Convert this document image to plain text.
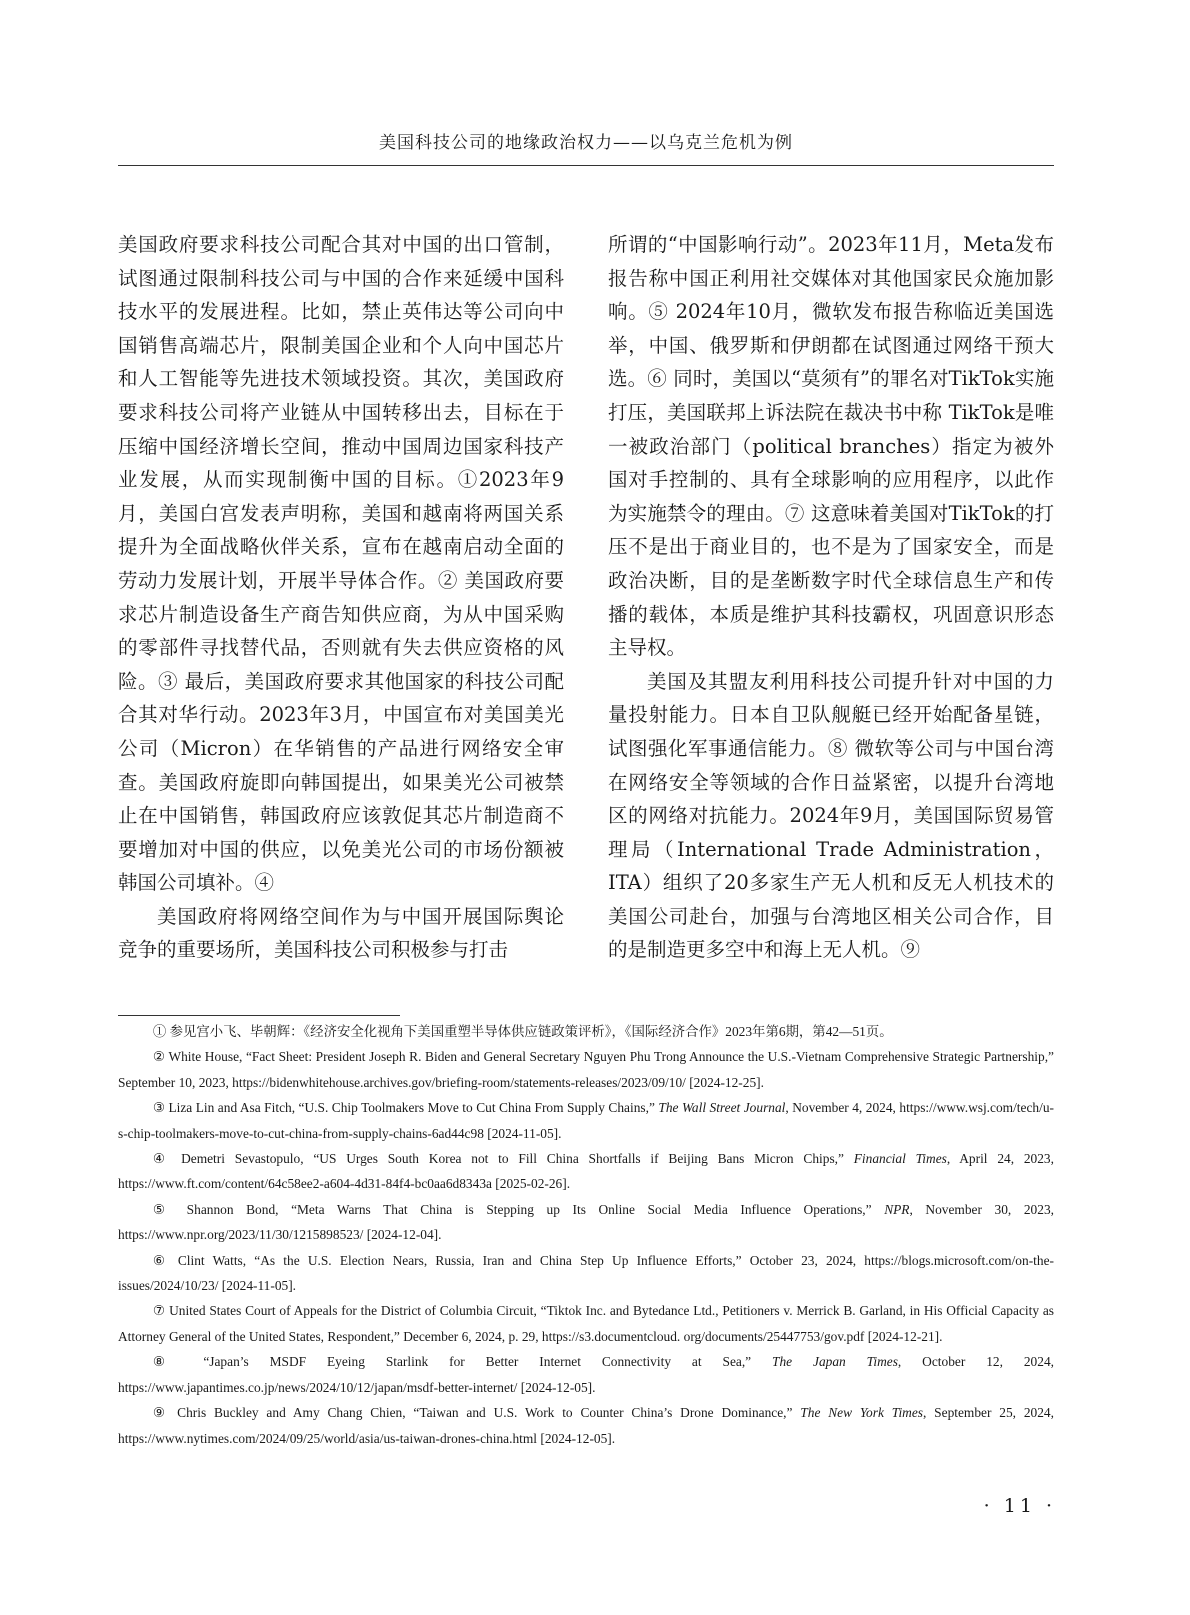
美国科技公司的地缘政治权力——以乌克兰危机为例

美国政府要求科技公司配合其对中国的出口管制，试图通过限制科技公司与中国的合作来延缓中国科技水平的发展进程。比如，禁止英伟达等公司向中国销售高端芯片，限制美国企业和个人向中国芯片和人工智能等先进技术领域投资。其次，美国政府要求科技公司将产业链从中国转移出去，目标在于压缩中国经济增长空间，推动中国周边国家科技产业发展，从而实现制衡中国的目标。①2023年9月，美国白宫发表声明称，美国和越南将两国关系提升为全面战略伙伴关系，宣布在越南启动全面的劳动力发展计划，开展半导体合作。② 美国政府要求芯片制造设备生产商告知供应商，为从中国采购的零部件寻找替代品，否则就有失去供应资格的风险。③ 最后，美国政府要求其他国家的科技公司配合其对华行动。2023年3月，中国宣布对美国美光公司（Micron）在华销售的产品进行网络安全审查。美国政府旋即向韩国提出，如果美光公司被禁止在中国销售，韩国政府应该敦促其芯片制造商不要增加对中国的供应，以免美光公司的市场份额被韩国公司填补。④

美国政府将网络空间作为与中国开展国际舆论竞争的重要场所，美国科技公司积极参与打击

所谓的“中国影响行动”。2023年11月，Meta发布报告称中国正利用社交媒体对其他国家民众施加影响。⑤ 2024年10月，微软发布报告称临近美国选举，中国、俄罗斯和伊朗都在试图通过网络干预大选。⑥ 同时，美国以“莫须有”的罪名对TikTok实施打压，美国联邦上诉法院在裁决书中称 TikTok是唯一被政治部门（political branches）指定为被外国对手控制的、具有全球影响的应用程序，以此作为实施禁令的理由。⑦ 这意味着美国对TikTok的打压不是出于商业目的，也不是为了国家安全，而是政治决断，目的是垄断数字时代全球信息生产和传播的载体，本质是维护其科技霸权，巩固意识形态主导权。

美国及其盟友利用科技公司提升针对中国的力量投射能力。日本自卫队舰艇已经开始配备星链，试图强化军事通信能力。⑧ 微软等公司与中国台湾在网络安全等领域的合作日益紧密，以提升台湾地区的网络对抗能力。2024年9月，美国国际贸易管理局（International Trade Administration，ITA）组织了20多家生产无人机和反无人机技术的美国公司赴台，加强与台湾地区相关公司合作，目的是制造更多空中和海上无人机。⑨

① 参见宫小飞、毕朝辉：《经济安全化视角下美国重塑半导体供应链政策评析》，《国际经济合作》2023年第6期，第42—51页。

② White House, “Fact Sheet: President Joseph R. Biden and General Secretary Nguyen Phu Trong Announce the U.S.-Vietnam Comprehensive Strategic Partnership,” September 10, 2023, https://bidenwhitehouse.archives.gov/briefing-room/statements-releases/2023/09/10/ [2024-12-25].

③ Liza Lin and Asa Fitch, “U.S. Chip Toolmakers Move to Cut China From Supply Chains,” The Wall Street Journal, November 4, 2024, https://www.wsj.com/tech/u-s-chip-toolmakers-move-to-cut-china-from-supply-chains-6ad44c98 [2024-11-05].

④ Demetri Sevastopulo, “US Urges South Korea not to Fill China Shortfalls if Beijing Bans Micron Chips,” Financial Times, April 24, 2023, https://www.ft.com/content/64c58ee2-a604-4d31-84f4-bc0aa6d8343a [2025-02-26].

⑤ Shannon Bond, “Meta Warns That China is Stepping up Its Online Social Media Influence Operations,” NPR, November 30, 2023, https://www.npr.org/2023/11/30/1215898523/ [2024-12-04].

⑥ Clint Watts, “As the U.S. Election Nears, Russia, Iran and China Step Up Influence Efforts,” October 23, 2024, https://blogs.microsoft.com/on-the-issues/2024/10/23/ [2024-11-05].

⑦ United States Court of Appeals for the District of Columbia Circuit, “Tiktok Inc. and Bytedance Ltd., Petitioners v. Merrick B. Garland, in His Official Capacity as Attorney General of the United States, Respondent,” December 6, 2024, p. 29, https://s3.documentcloud. org/documents/25447753/gov.pdf [2024-12-21].

⑧ “Japan’s MSDF Eyeing Starlink for Better Internet Connectivity at Sea,” The Japan Times, October 12, 2024, https://www.japantimes.co.jp/news/2024/10/12/japan/msdf-better-internet/ [2024-12-05].

⑨ Chris Buckley and Amy Chang Chien, “Taiwan and U.S. Work to Counter China’s Drone Dominance,” The New York Times, September 25, 2024, https://www.nytimes.com/2024/09/25/world/asia/us-taiwan-drones-china.html [2024-12-05].

· 11 ·
